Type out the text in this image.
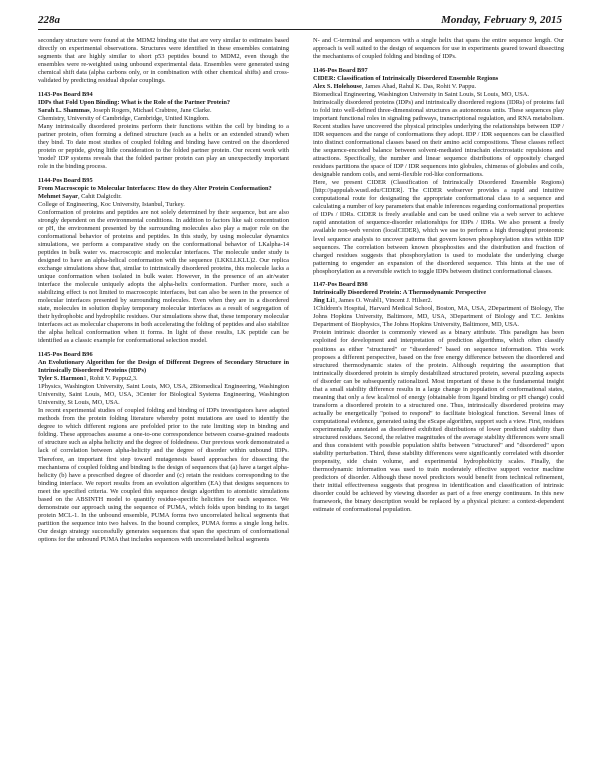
228a	Monday, February 9, 2015

secondary structure were found at the MDM2 binding site that are very similar to estimates based directly on experimental observations. Structures were identified in these ensembles containing segments that are highly similar to short p53 peptides bound to MDM2, even though the ensembles were re-weighted using unbound experimental data. Ensembles were generated using chemical shift data (alpha carbons only, or in combination with other chemical shifts) and cross-validated by predicting residual dipolar couplings.

1143-Pos Board B94
IDPs that Fold Upon Binding: What is the Role of the Partner Protein?
Sarah L. Shammas, Joseph Rogers, Michael Crabtree, Jane Clarke.
Chemistry, University of Cambridge, Cambridge, United Kingdom.

Many intrinsically disordered proteins perform their functions within the cell by binding to a partner protein, often forming a defined structure (such as a helix or an extended strand) when they bind. To date most studies of coupled folding and binding have centred on the disordered protein or peptide, giving little consideration to the folded partner protein. Our recent work with 'model' IDP systems reveals that the folded partner protein can play an unexpectedly important role in the binding process.

1144-Pos Board B95
From Macroscopic to Molecular Interfaces: How do they Alter Protein Conformation?
Mehmet Sayar, Cahit Dalgicdir.
College of Engineering, Koc University, Istanbul, Turkey.

Conformation of proteins and peptides are not solely determined by their sequence, but are also strongly dependent on the environmental conditions. In addition to factors like salt concentration or pH, the environment presented by the surrounding molecules also play a major role on the conformational behavior of proteins and peptides. In this study, by using molecular dynamics simulations, we perform a comparative study on the conformational behavior of LKalpha-14 peptides in bulk water vs. macroscopic and molecular interfaces. The molecule under study is designed to have an alpha-helical conformation with the sequence (LKKLLKLL)2. Our replica exchange simulations show that, similar to intrinsically disordered proteins, this molecule lacks a unique conformation when isolated in bulk water. However, in the presence of an air/water interface the molecule uniquely adopts the alpha-helix conformation. Further more, such a stabilizing effect is not limited to macroscopic interfaces, but can also be seen in the presence of molecular interfaces presented by surrounding molecules. Even when they are in a disordered state, molecules in solution display temporary molecular interfaces as a result of segregation of their hydrophobic and hydrophilic residues. Our simulations show that, these temporary molecular interfaces act as molecular chaperons in both accelerating the folding of peptides and also stabilize the alpha helical conformation when it forms. In light of these results, LK peptide can be identified as a classic example for conformational selection model.

1145-Pos Board B96
An Evolutionary Algorithm for the Design of Different Degrees of Secondary Structure in Intrinsically Disordered Proteins (IDPs)
Tyler S. Harmon1, Rohit V. Pappu2,3.
1Physics, Washington University, Saint Louis, MO, USA, 2Biomedical Engineering, Washington University, Saint Louis, MO, USA, 3Center for Biological Systems Engineering, Washington University, St Louis, MO, USA.

In recent experimental studies of coupled folding and binding of IDPs investigators have adapted methods from the protein folding literature whereby point mutations are used to identify the degree to which different regions are prefolded prior to the rate limiting step in binding and folding. These approaches assume a one-to-one correspondence between coarse-grained readouts of structure such as alpha helicity and the degree of foldedness. Our previous work demonstrated a lack of correlation between alpha-helicity and the degree of disorder within unbound IDPs. Therefore, an important first step toward mutagenesis based approaches for dissecting the mechanisms of coupled folding and binding is the design of sequences that (a) have a target alpha-helicity (b) have a prescribed degree of disorder and (c) retain the residues corresponding to the binding interface. We report results from an evolution algorithm (EA) that designs sequences to meet the specified criteria. We coupled this sequence design algorithm to atomistic simulations based on the ABSINTH model to quantify residue-specific helicities for each sequence. We demonstrate our approach using the sequence of PUMA, which folds upon binding to its target protein MCL-1. In the unbound ensemble, PUMA forms two uncorrelated helical segments that partition the sequence into two halves. In the bound complex, PUMA forms a single long helix. Our design strategy successfully generates sequences that span the spectrum of conformational options for the unbound PUMA that includes sequences with uncorrelated helical segments

N- and C-terminal and sequences with a single helix that spans the entire sequence length. Our approach is well suited to the design of sequences for use in experiments geared toward dissecting the mechanisms of coupled folding and binding of IDPs.

1146-Pos Board B97
CIDER: Classification of Intrinsically Disordered Ensemble Regions
Alex S. Holehouse, James Ahad, Rahul K. Das, Rohit V. Pappu.
Biomedical Engineering, Washington University in Saint Louis, St Louis, MO, USA.

Intrinsically disordered proteins (IDPs) and intrinsically disordered regions (IDRs) of proteins fail to fold into well-defined three-dimensional structures as autonomous units. These sequences play important functional roles in signaling pathways, transcriptional regulation, and RNA metabolism. Recent studies have uncovered the physical principles underlying the relationships between IDP / IDR sequences and the range of conformations they adopt. IDP / IDR sequences can be classified into distinct conformational classes based on their amino acid compositions. These classes reflect the sequence-encoded balance between solvent-mediated intrachain electrostatic repulsions and attractions. Specifically, the number and linear sequence distributions of oppositely charged residues partitions the space of IDP / IDR sequences into globules, chimeras of globules and coils, designable random coils, and semi-flexible rod-like conformations.

Here, we present CIDER (Classification of Intrinsically Disordered Ensemble Regions) [http://pappulab.wustl.edu/CIDER]. The CIDER webserver provides a rapid and intuitive computational route for designating the appropriate conformational class to a sequence and calculating a number of key parameters that enable inferences regarding conformational properties of IDPs / IDRs. CIDER is freely available and can be used online via a web server to achieve rapid annotation of sequence-disorder relationships for IDPs / IDRs. We also present a freely available non-web version (localCIDER), which we use to perform a high throughput proteomic level sequence analysis to uncover patterns that govern known phosphorylation sites within IDP sequences. The correlation between known phosphosites and the distribution and fraction of charged residues suggests that phosphorylation is used to modulate the underlying charge patterning to engender an expansion of the disordered sequence. This hints at the use of phosphorylation as a reversible switch to toggle IDPs between distinct conformational classes.

1147-Pos Board B98
Intrinsically Disordered Protein: A Thermodynamic Perspective
Jing Li1, James O. Wrabl1, Vincent J. Hilser2.
1Children's Hospital, Harvard Medical School, Boston, MA, USA, 2Department of Biology, The Johns Hopkins University, Baltimore, MD, USA, 3Department of Biology and T.C. Jenkins Department of Biophysics, The Johns Hopkins University, Baltimore, MD, USA.

Protein intrinsic disorder is commonly viewed as a binary attribute. This paradigm has been exploited for development and interpretation of prediction algorithms, which often classify positions as either "structured" or "disordered" based on sequence information. This work proposes a different perspective, based on the free energy difference between the disordered and structured thermodynamic states of the protein. Although requiring the assumption that intrinsically disordered protein is simply destabilized structured protein, several puzzling aspects of disorder can be subsequently rationalized. Most important of these is the fundamental insight that a small stability difference results in a large change in population of conformational states, meaning that only a few kcal/mol of energy (obtainable from ligand binding or pH change) could transform a disordered protein to a structured one. Thus, intrinsically disordered proteins may actually be energetically "poised to respond" to facilitate biological function. Several lines of computational evidence, generated using the eScape algorithm, support such a view. First, residues experimentally annotated as disordered exhibited distributions of lower predicted stability than structured residues. Second, the relative magnitudes of the average stability differences were small and thus consistent with possible population shifts between "structured" and "disordered" upon stability perturbation. Third, these stability differences were significantly correlated with disorder propensity, side chain volume, and experimental hydrophobicity scales. Finally, the thermodynamic information was used to train moderately effective support vector machine predictors of disorder. Although these novel predictors would benefit from technical refinement, their initial effectiveness suggests that progress in identification and classification of intrinsic disorder could be achieved by viewing disorder as part of a free energy continuum. In this new framework, the binary description would be replaced by a physical picture: a context-dependent estimate of conformational population.
